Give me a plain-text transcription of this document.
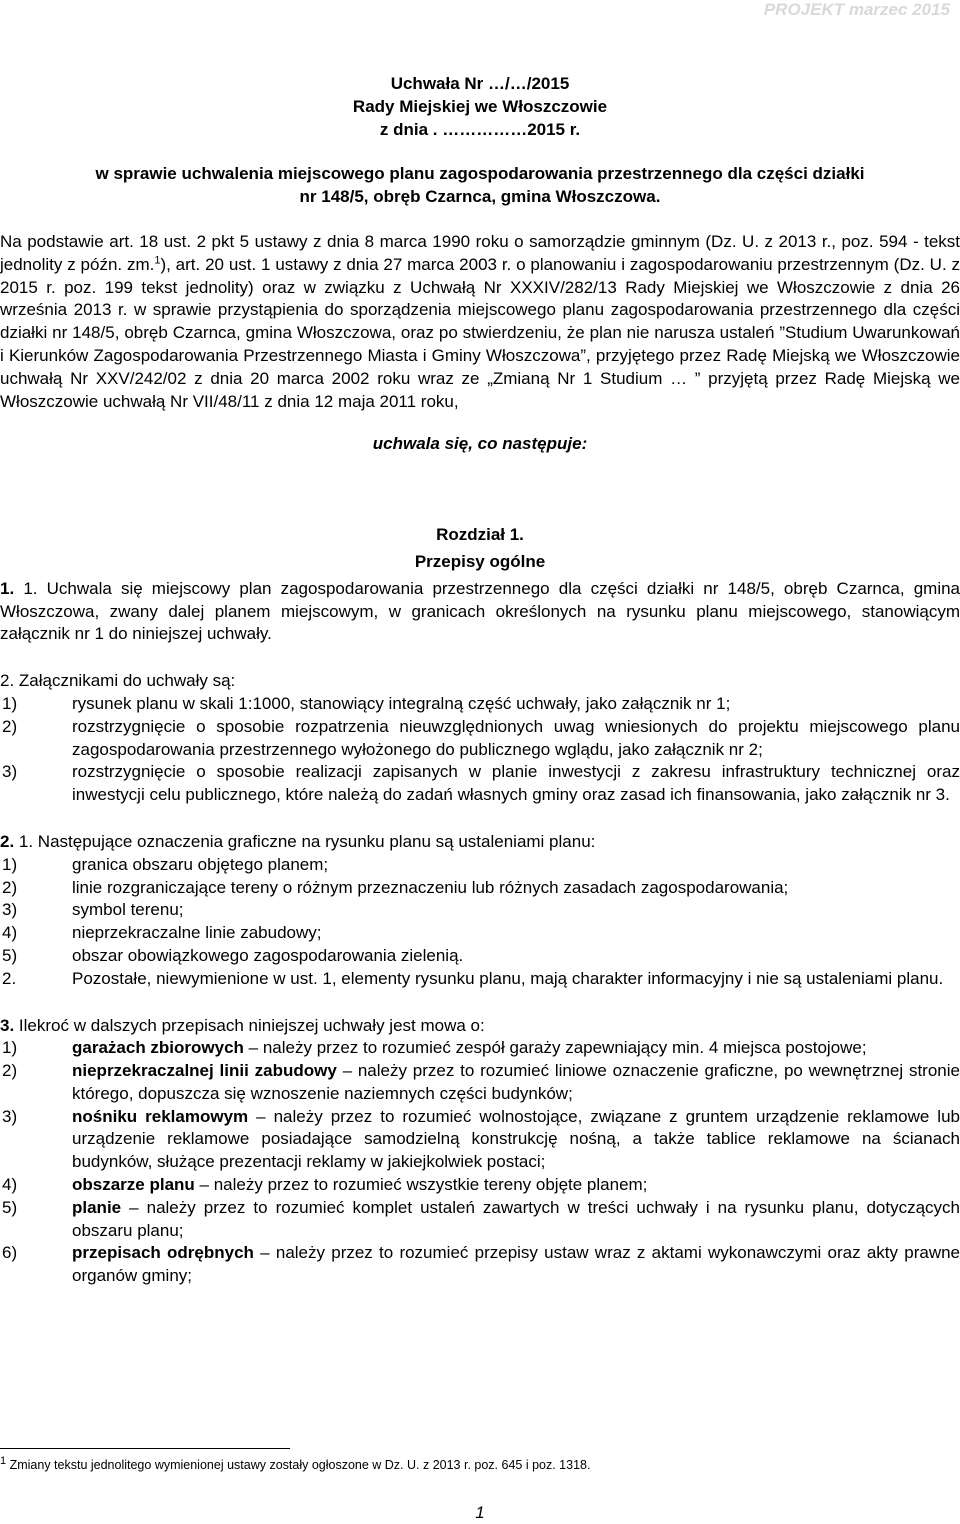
PROJEKT marzec 2015

Uchwała Nr …/…/2015

Rady Miejskiej we Włoszczowie

z dnia . ……………2015 r.

w sprawie uchwalenia miejscowego planu zagospodarowania przestrzennego dla części działki

nr 148/5, obręb Czarnca, gmina Włoszczowa.

Na podstawie art. 18 ust. 2 pkt 5 ustawy z dnia 8 marca 1990 roku o samorządzie gminnym (Dz. U. z 2013 r., poz. 594 - tekst jednolity z późn. zm.$^1$), art. 20 ust. 1 ustawy z dnia 27 marca 2003 r. o planowaniu i zagospodarowaniu przestrzennym (Dz. U. z 2015 r. poz. 199 tekst jednolity) oraz w związku z Uchwałą Nr XXXIV/282/13 Rady Miejskiej we Włoszczowie z dnia 26 września 2013 r. w sprawie przystąpienia do sporządzenia miejscowego planu zagospodarowania przestrzennego dla części działki nr 148/5, obręb Czarnca, gmina Włoszczowa, oraz po stwierdzeniu, że plan nie narusza ustaleń ”Studium Uwarunkowań i Kierunków Zagospodarowania Przestrzennego Miasta i Gminy Włoszczowa”, przyjętego przez Radę Miejską we Włoszczowie uchwałą Nr XXV/242/02 z dnia 20 marca 2002 roku wraz ze „Zmianą Nr 1 Studium … ” przyjętą przez Radę Miejską we Włoszczowie uchwałą Nr VII/48/11 z dnia 12 maja 2011 roku,

uchwala się, co następuje:

Rozdział 1.

Przepisy ogólne

1. 1. Uchwala się miejscowy plan zagospodarowania przestrzennego dla części działki nr 148/5, obręb Czarnca, gmina Włoszczowa, zwany dalej planem miejscowym, w granicach określonych na rysunku planu miejscowego, stanowiącym załącznik nr 1 do niniejszej uchwały.

2. Załącznikami do uchwały są:

1)	rysunek planu w skali 1:1000, stanowiący integralną część uchwały, jako załącznik nr 1;
2)	rozstrzygnięcie o sposobie rozpatrzenia nieuwzględnionych uwag wniesionych do projektu miejscowego planu zagospodarowania przestrzennego wyłożonego do publicznego wglądu, jako załącznik nr 2;
3)	rozstrzygnięcie o sposobie realizacji zapisanych w planie inwestycji z zakresu infrastruktury technicznej oraz inwestycji celu publicznego, które należą do zadań własnych gminy oraz zasad ich finansowania, jako załącznik nr 3.

2. 1. Następujące oznaczenia graficzne na rysunku planu są ustaleniami planu:

1)	granica obszaru objętego planem;
2)	linie rozgraniczające tereny o różnym przeznaczeniu lub różnych zasadach zagospodarowania;
3)	symbol terenu;
4)	nieprzekraczalne linie zabudowy;
5)	obszar obowiązkowego zagospodarowania zielenią.
2.	Pozostałe, niewymienione w ust. 1, elementy rysunku planu, mają charakter informacyjny i nie są ustaleniami planu.

3. Ilekroć w dalszych przepisach niniejszej uchwały jest mowa o:

1)	garażach zbiorowych – należy przez to rozumieć zespół garaży zapewniający min. 4 miejsca postojowe;
2)	nieprzekraczalnej linii zabudowy – należy przez to rozumieć liniowe oznaczenie graficzne, po wewnętrznej stronie którego, dopuszcza się wznoszenie naziemnych części budynków;
3)	nośniku reklamowym – należy przez to rozumieć wolnostojące, związane z gruntem urządzenie reklamowe lub urządzenie reklamowe posiadające samodzielną konstrukcję nośną, a także tablice reklamowe na ścianach budynków, służące prezentacji reklamy w jakiejkolwiek postaci;
4)	obszarze planu – należy przez to rozumieć wszystkie tereny objęte planem;
5)	planie – należy przez to rozumieć komplet ustaleń zawartych w treści uchwały i na rysunku planu, dotyczących obszaru planu;
6)	przepisach odrębnych – należy przez to rozumieć przepisy ustaw wraz z aktami wykonawczymi oraz akty prawne organów gminy;
$^1$ Zmiany tekstu jednolitego wymienionej ustawy zostały ogłoszone w Dz. U. z 2013 r. poz. 645 i poz. 1318.
1
